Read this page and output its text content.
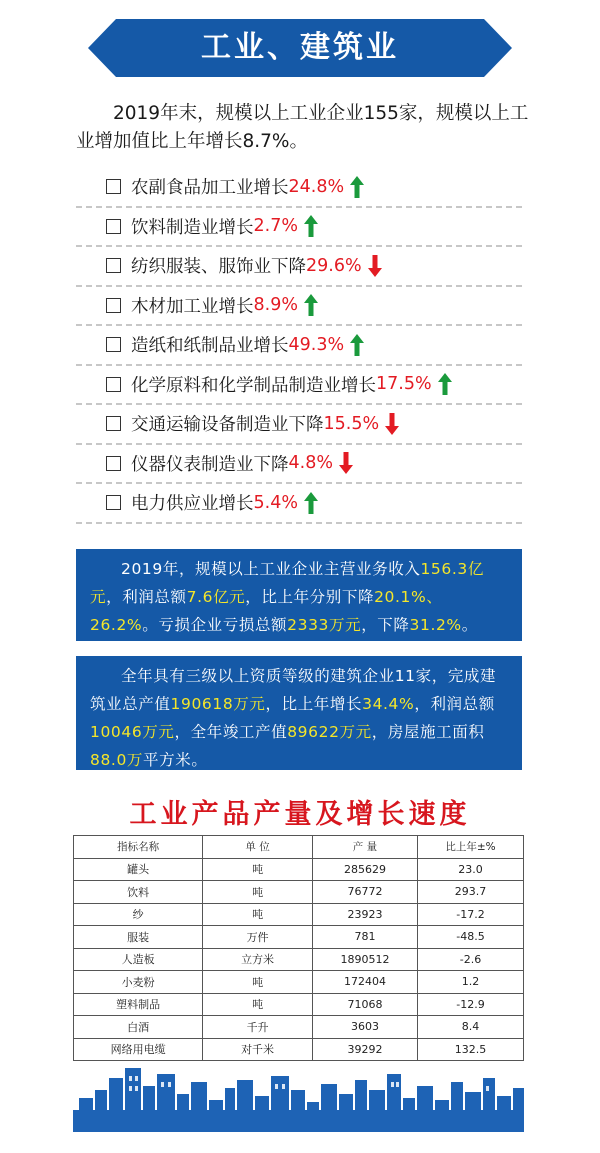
工业、建筑业
2019年末，规模以上工业企业155家，规模以上工业增加值比上年增长8.7%。
农副食品加工业增长 24.8%
饮料制造业增长 2.7%
纺织服装、服饰业下降 29.6%
木材加工业增长 8.9%
造纸和纸制品业增长 49.3%
化学原料和化学制品制造业增长 17.5%
交通运输设备制造业下降 15.5%
仪器仪表制造业下降 4.8%
电力供应业增长 5.4%

2019年，规模以上工业企业主营业务收入156.3亿元，利润总额7.6亿元，比上年分别下降20.1%、26.2%。亏损企业亏损总额2333万元，下降31.2%。

全年具有三级以上资质等级的建筑企业11家，完成建筑业总产值190618万元，比上年增长34.4%，利润总额10046万元，全年竣工产值89622万元，房屋施工面积88.0万平方米。

工业产品产量及增长速度
指标名称	单 位	产 量	比上年±%
罐头	吨	285629	23.0
饮料	吨	76772	293.7
纱	吨	23923	-17.2
服装	万件	781	-48.5
人造板	立方米	1890512	-2.6
小麦粉	吨	172404	1.2
塑料制品	吨	71068	-12.9
白酒	千升	3603	8.4
网络用电缆	对千米	39292	132.5
